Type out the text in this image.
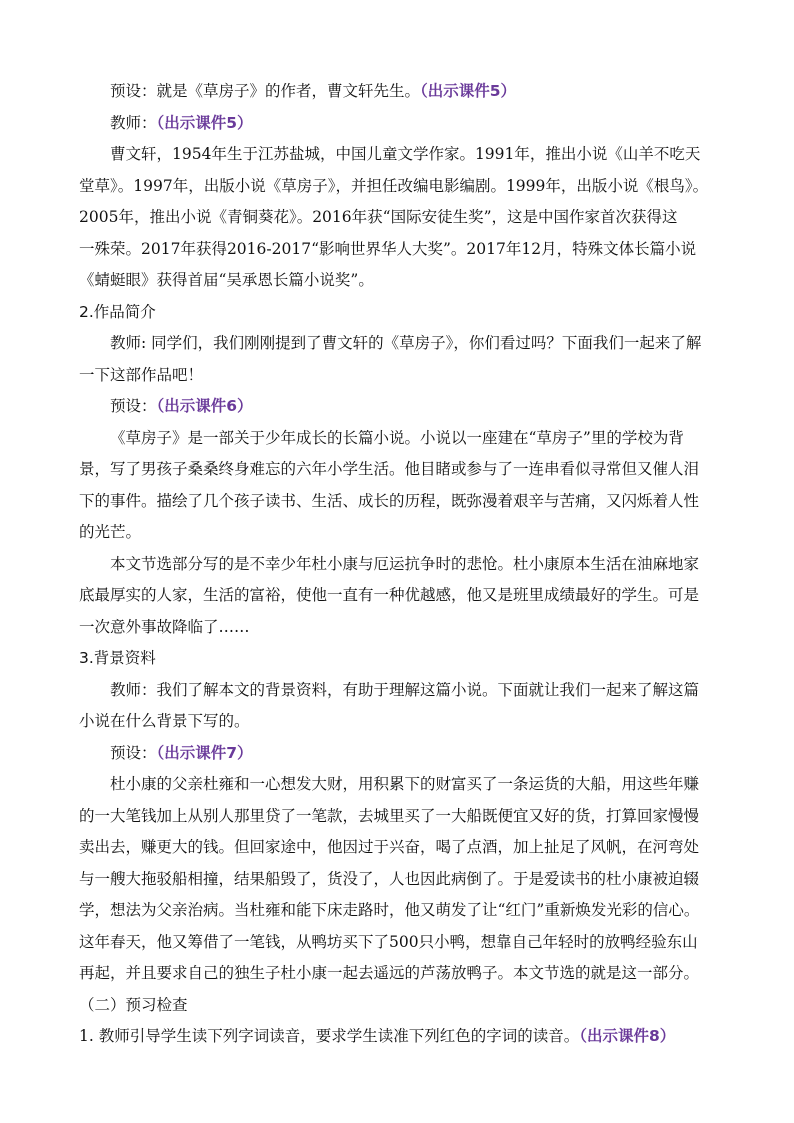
预设：就是《草房子》的作者，曹文轩先生。（出示课件5）
教师：（出示课件5）
曹文轩，1954年生于江苏盐城，中国儿童文学作家。1991年，推出小说《山羊不吃天
堂草》。1997年，出版小说《草房子》，并担任改编电影编剧。1999年，出版小说《根鸟》。
2005年，推出小说《青铜葵花》。2016年获“国际安徒生奖”，这是中国作家首次获得这
一殊荣。2017年获得2016-2017“影响世界华人大奖”。2017年12月，特殊文体长篇小说
《蜻蜓眼》获得首届“吴承恩长篇小说奖”。
2.作品简介
教师: 同学们，我们刚刚提到了曹文轩的《草房子》，你们看过吗？下面我们一起来了解
一下这部作品吧！
预设：（出示课件6）
《草房子》是一部关于少年成长的长篇小说。小说以一座建在“草房子”里的学校为背
景，写了男孩子桑桑终身难忘的六年小学生活。他目睹或参与了一连串看似寻常但又催人泪
下的事件。描绘了几个孩子读书、生活、成长的历程，既弥漫着艰辛与苦痛，又闪烁着人性
的光芒。
本文节选部分写的是不幸少年杜小康与厄运抗争时的悲怆。杜小康原本生活在油麻地家
底最厚实的人家，生活的富裕，使他一直有一种优越感，他又是班里成绩最好的学生。可是
一次意外事故降临了……
3.背景资料
教师：我们了解本文的背景资料，有助于理解这篇小说。下面就让我们一起来了解这篇
小说在什么背景下写的。
预设：（出示课件7）
杜小康的父亲杜雍和一心想发大财，用积累下的财富买了一条运货的大船，用这些年赚
的一大笔钱加上从别人那里贷了一笔款，去城里买了一大船既便宜又好的货，打算回家慢慢
卖出去，赚更大的钱。但回家途中，他因过于兴奋，喝了点酒，加上扯足了风帆，在河弯处
与一艘大拖驳船相撞，结果船毁了，货没了，人也因此病倒了。于是爱读书的杜小康被迫辍
学，想法为父亲治病。当杜雍和能下床走路时，他又萌发了让“红门”重新焕发光彩的信心。
这年春天，他又筹借了一笔钱，从鸭坊买下了500只小鸭，想靠自己年轻时的放鸭经验东山
再起，并且要求自己的独生子杜小康一起去遥远的芦荡放鸭子。本文节选的就是这一部分。
（二）预习检查
1. 教师引导学生读下列字词读音，要求学生读准下列红色的字词的读音。（出示课件8）
